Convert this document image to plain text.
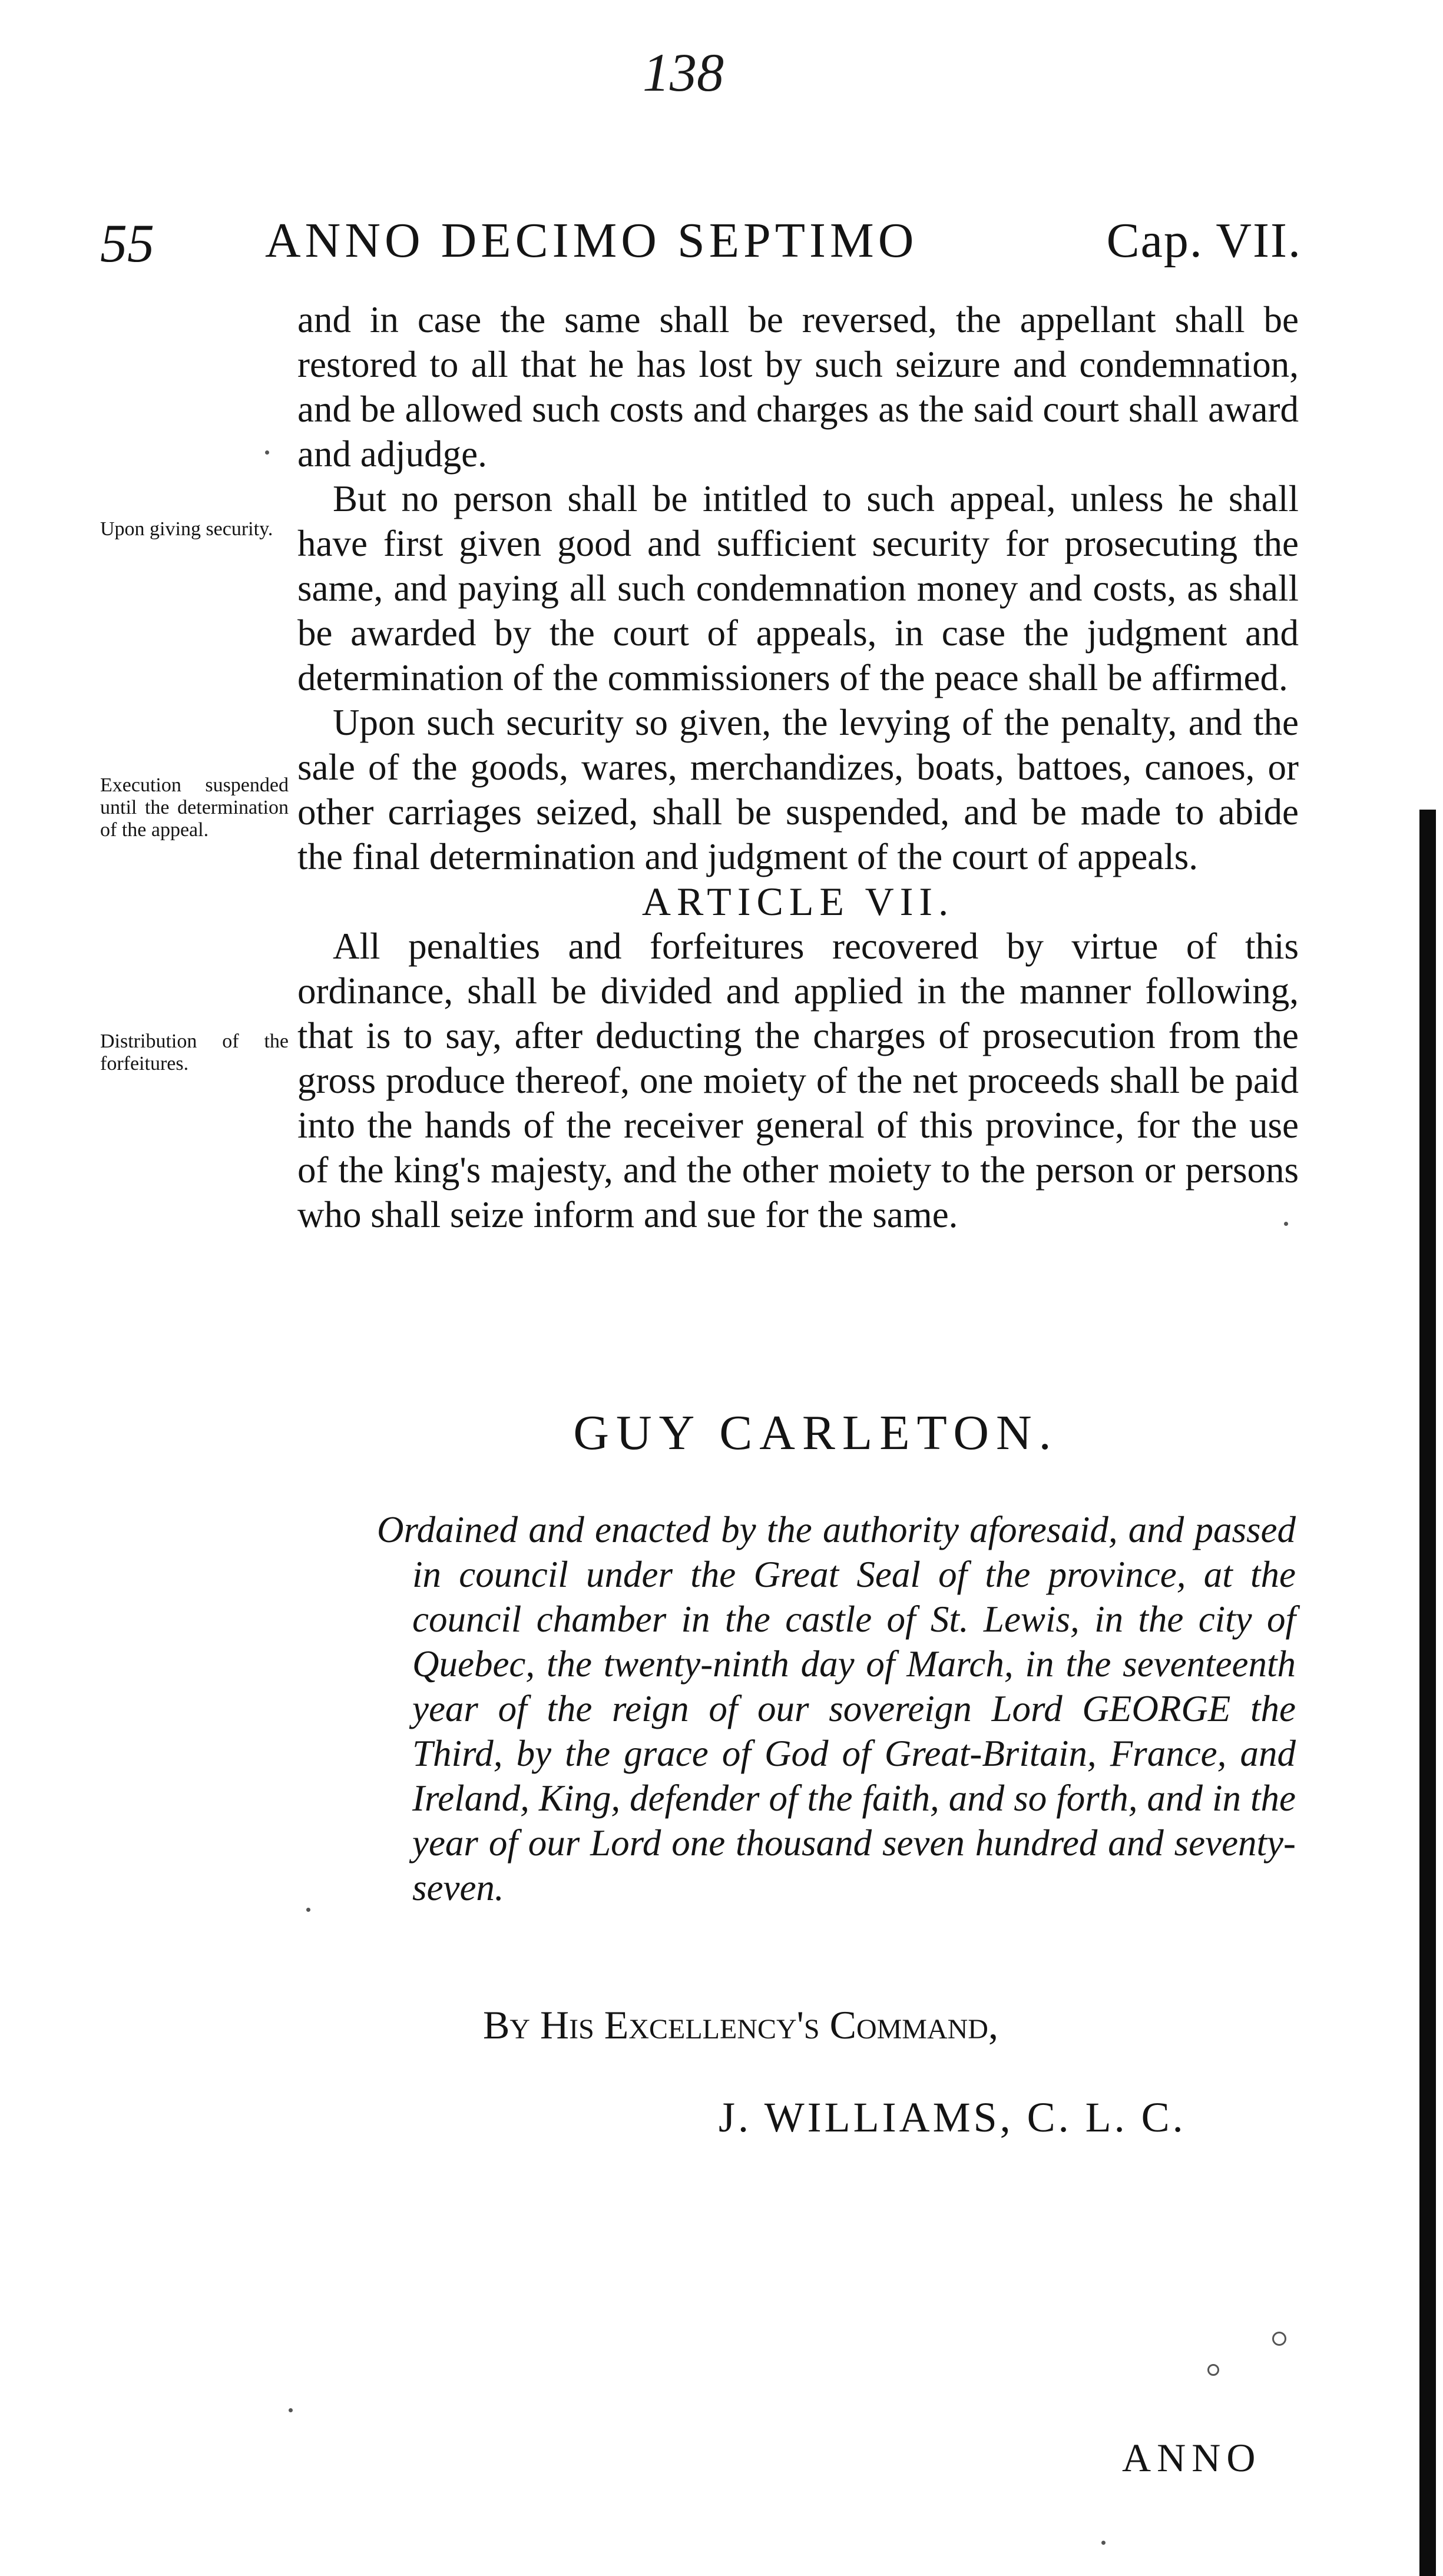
138
55 ANNO DECIMO SEPTIMO	Cap. VII.
Upon giving security.
Execution suspended until the determination of the appeal.
Distribution of the forfeitures.

and in case the same shall be reversed, the appellant shall be restored to all that he has lost by such seizure and condemnation, and be allowed such costs and charges as the said court shall award and adjudge.

But no person shall be intitled to such appeal, unless he shall have first given good and sufficient security for prosecuting the same, and paying all such condemnation money and costs, as shall be awarded by the court of appeals, in case the judgment and determination of the commissioners of the peace shall be affirmed.

Upon such security so given, the levying of the penalty, and the sale of the goods, wares, merchandizes, boats, battoes, canoes, or other carriages seized, shall be suspended, and be made to abide the final determination and judgment of the court of appeals.

ARTICLE VII.

All penalties and forfeitures recovered by virtue of this ordinance, shall be divided and applied in the manner following, that is to say, after deducting the charges of prosecution from the gross produce thereof, one moiety of the net proceeds shall be paid into the hands of the receiver general of this province, for the use of the king's majesty, and the other moiety to the person or persons who shall seize inform and sue for the same.

GUY CARLETON.
Ordained and enacted by the authority aforesaid, and passed in council under the Great Seal of the province, at the council chamber in the castle of St. Lewis, in the city of Quebec, the twenty-ninth day of March, in the seventeenth year of the reign of our sovereign Lord GEORGE the Third, by the grace of God of Great-Britain, France, and Ireland, King, defender of the faith, and so forth, and in the year of our Lord one thousand seven hundred and seventy-seven.
By His Excellency's Command,
J. WILLIAMS, C. L. C.
ANNO
